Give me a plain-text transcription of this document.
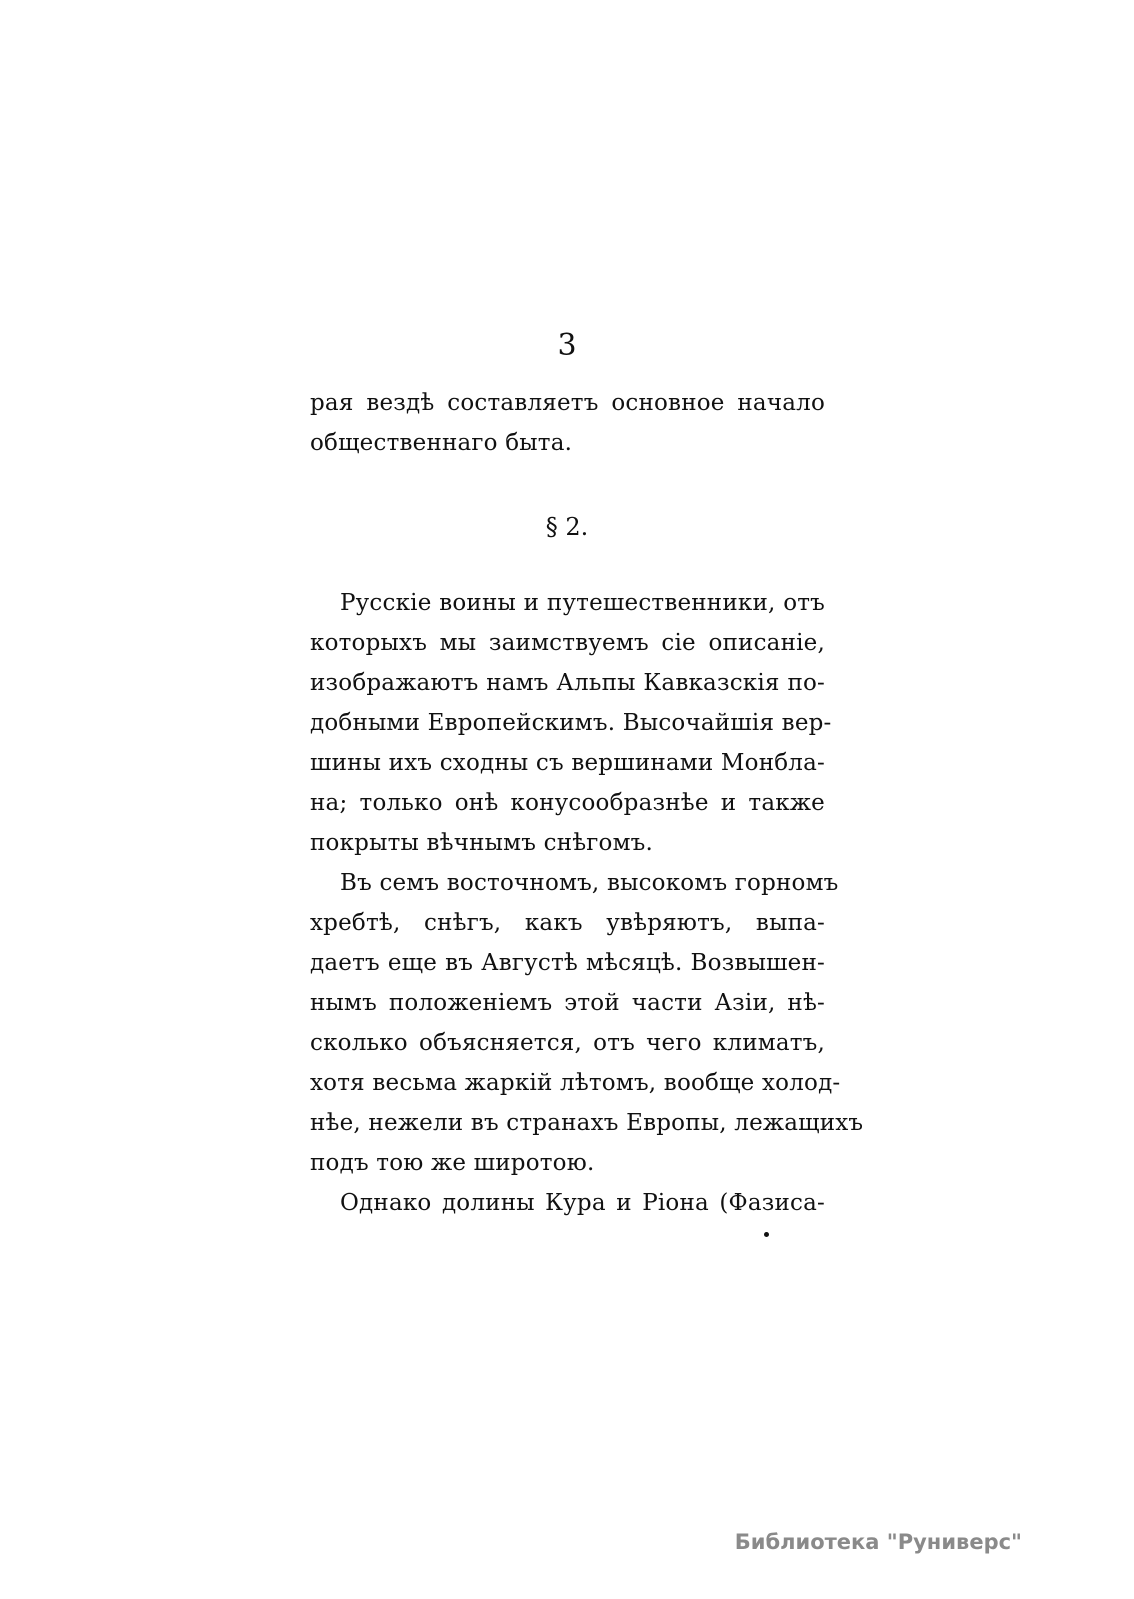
3
рая вездѣ составляетъ основное начало
общественнаго быта.
§ 2.
Русскіе воины и путешественники, отъ
которыхъ мы заимствуемъ сіе описаніе,
изображаютъ намъ Альпы Кавказскія по-
добными Европейскимъ. Высочайшія вер-
шины ихъ сходны съ вершинами Монбла-
на; только онѣ конусообразнѣе и также
покрыты вѣчнымъ снѣгомъ.
Въ семъ восточномъ, высокомъ горномъ
хребтѣ, снѣгъ, какъ увѣряютъ, выпа-
даетъ еще въ Августѣ мѣсяцѣ. Возвышен-
нымъ положеніемъ этой части Азіи, нѣ-
сколько объясняется, отъ чего климатъ,
хотя весьма жаркій лѣтомъ, вообще холод-
нѣе, нежели въ странахъ Европы, лежащихъ
подъ тою же широтою.
Однако долины Кура и Ріона (Фазиса-
Библиотека "Руниверс"
